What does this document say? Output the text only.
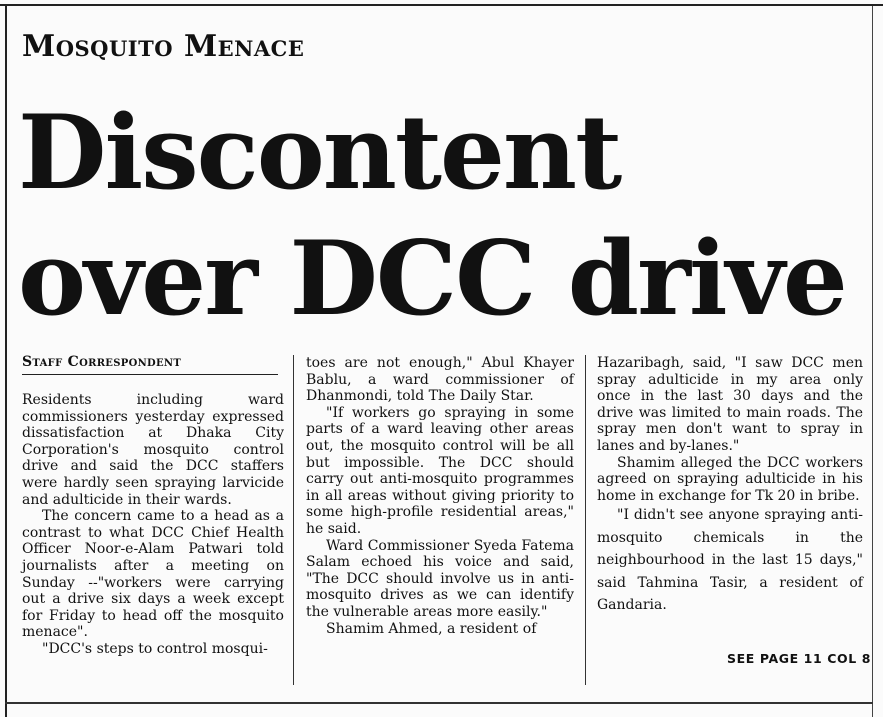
Mosquito Menace
Discontent over DCC drive
Staff Correspondent

Residents including ward commissioners yesterday expressed dissatisfaction at Dhaka City Corporation's mosquito control drive and said the DCC staffers were hardly seen spraying larvicide and adulticide in their wards.

The concern came to a head as a contrast to what DCC Chief Health Officer Noor-e-Alam Patwari told journalists after a meeting on Sunday --"workers were carrying out a drive six days a week except for Friday to head off the mosquito menace".

"DCC's steps to control mosqui-

toes are not enough," Abul Khayer Bablu, a ward commissioner of Dhanmondi, told The Daily Star.

"If workers go spraying in some parts of a ward leaving other areas out, the mosquito control will be all but impossible. The DCC should carry out anti-mosquito programmes in all areas without giving priority to some high-profile residential areas," he said.

Ward Commissioner Syeda Fatema Salam echoed his voice and said, "The DCC should involve us in anti-mosquito drives as we can identify the vulnerable areas more easily."

Shamim Ahmed, a resident of

Hazaribagh, said, "I saw DCC men spray adulticide in my area only once in the last 30 days and the drive was limited to main roads. The spray men don't want to spray in lanes and by-lanes."

Shamim alleged the DCC workers agreed on spraying adulticide in his home in exchange for Tk 20 in bribe.

"I didn't see anyone spraying anti-mosquito chemicals in the neighbourhood in the last 15 days," said Tahmina Tasir, a resident of Gandaria.

SEE PAGE 11 COL 8
